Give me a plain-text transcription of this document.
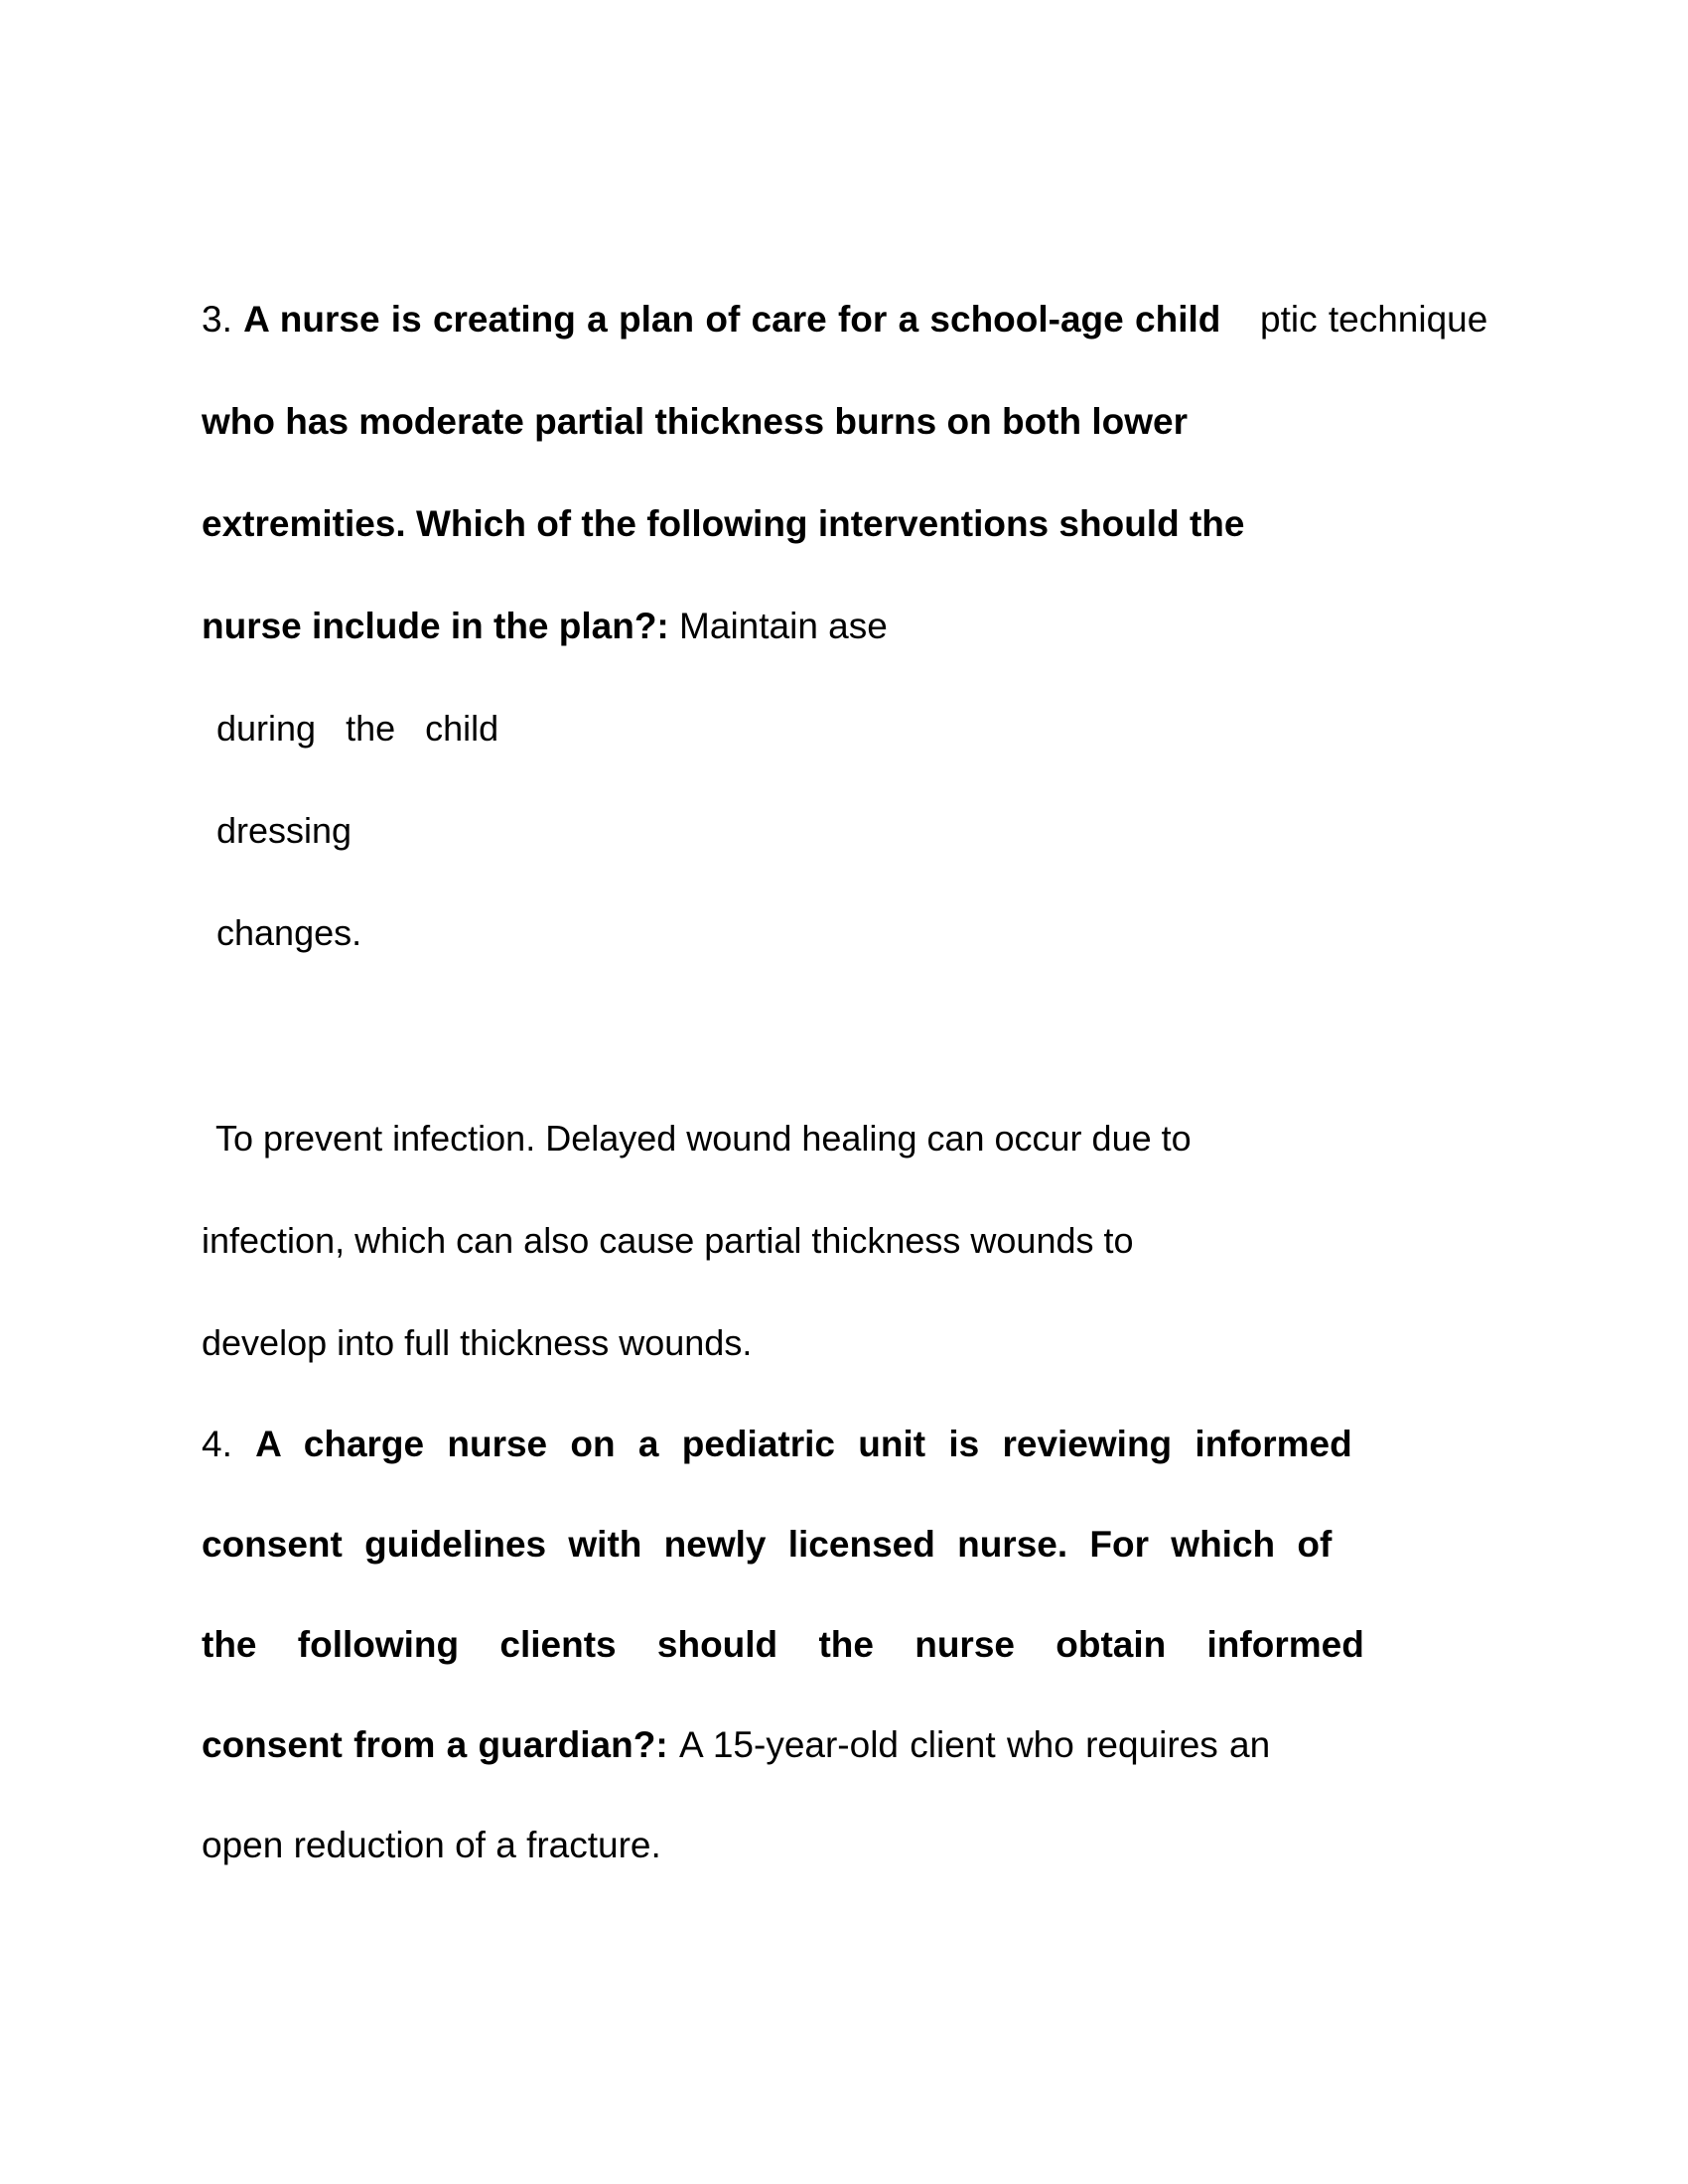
3. A nurse is creating a plan of care for a school-age child ptic technique
who has moderate partial thickness burns on both lower
extremities. Which of the following interventions should the
nurse include in the plan?: Maintain ase
during the child
dressing
changes.
To prevent infection. Delayed wound healing can occur due to
infection, which can also cause partial thickness wounds to
develop into full thickness wounds.
4. A charge nurse on a pediatric unit is reviewing informed
consent guidelines with newly licensed nurse. For which of
the following clients should the nurse obtain informed
consent from a guardian?: A 15-year-old client who requires an
open reduction of a fracture.
